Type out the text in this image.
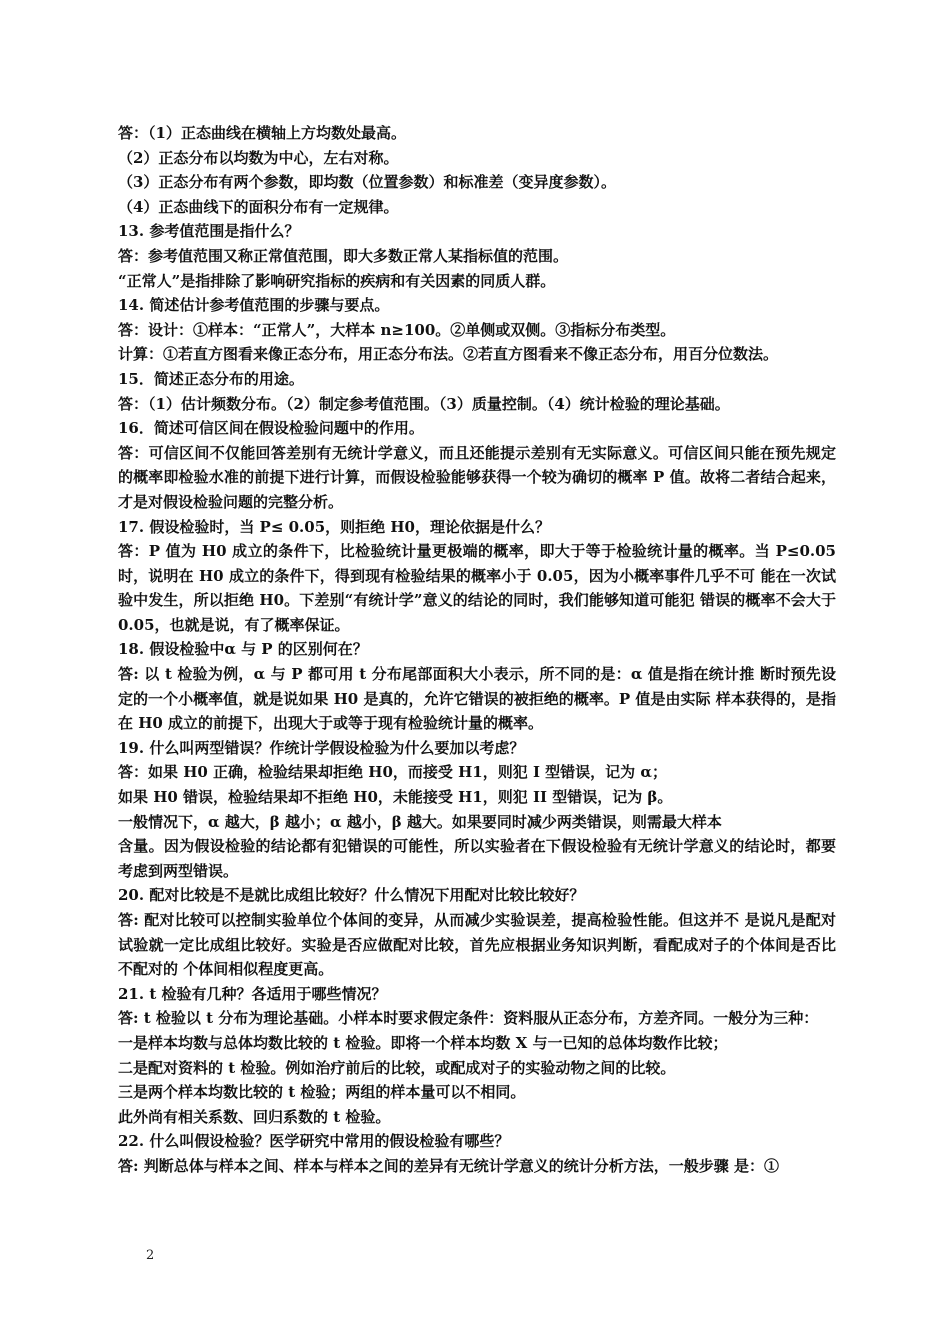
答：（1）正态曲线在横轴上方均数处最高。

（2）正态分布以均数为中心，左右对称。

（3）正态分布有两个参数，即均数（位置参数）和标准差（变异度参数）。

（4）正态曲线下的面积分布有一定规律。

13. 参考值范围是指什么？

答：参考值范围又称正常值范围，即大多数正常人某指标值的范围。

“正常人”是指排除了影响研究指标的疾病和有关因素的同质人群。

14. 简述估计参考值范围的步骤与要点。

答：设计：①样本：“正常人”，大样本 n≥100。②单侧或双侧。③指标分布类型。

计算：①若直方图看来像正态分布，用正态分布法。②若直方图看来不像正态分布，用百分位数法。

15．简述正态分布的用途。

答：（1）估计频数分布。（2）制定参考值范围。（3）质量控制。（4）统计检验的理论基础。

16．简述可信区间在假设检验问题中的作用。

答：可信区间不仅能回答差别有无统计学意义，而且还能提示差别有无实际意义。可信区间只能在预先规定的概率即检验水准的前提下进行计算，而假设检验能够获得一个较为确切的概率 P 值。故将二者结合起来，才是对假设检验问题的完整分析。

17. 假设检验时，当 P≤ 0.05，则拒绝 H0，理论依据是什么？

答：P 值为 H0 成立的条件下，比检验统计量更极端的概率，即大于等于检验统计量的概率。当 P≤0.05 时，说明在 H0 成立的条件下，得到现有检验结果的概率小于 0.05，因为小概率事件几乎不可 能在一次试验中发生，所以拒绝 H0。下差别“有统计学”意义的结论的同时，我们能够知道可能犯 错误的概率不会大于 0.05，也就是说，有了概率保证。

18. 假设检验中α 与 P 的区别何在？

答: 以 t 检验为例，α 与 P 都可用 t 分布尾部面积大小表示，所不同的是：α 值是指在统计推 断时预先设定的一个小概率值，就是说如果 H0 是真的，允许它错误的被拒绝的概率。P 值是由实际 样本获得的，是指在 H0 成立的前提下，出现大于或等于现有检验统计量的概率。

19. 什么叫两型错误？作统计学假设检验为什么要加以考虑？

答：如果 H0 正确，检验结果却拒绝 H0，而接受 H1，则犯 I 型错误，记为 α；

如果 H0 错误，检验结果却不拒绝 H0，未能接受 H1，则犯 II 型错误，记为 β。

一般情况下，α 越大，β 越小；α 越小，β 越大。如果要同时减少两类错误，则需最大样本

含量。因为假设检验的结论都有犯错误的可能性，所以实验者在下假设检验有无统计学意义的结论时，都要考虑到两型错误。

20. 配对比较是不是就比成组比较好？什么情况下用配对比较比较好？

答: 配对比较可以控制实验单位个体间的变异，从而减少实验误差，提高检验性能。但这并不 是说凡是配对试验就一定比成组比较好。实验是否应做配对比较，首先应根据业务知识判断，看配成对子的个体间是否比不配对的 个体间相似程度更高。

21. t 检验有几种？各适用于哪些情况？

答: t 检验以 t 分布为理论基础。小样本时要求假定条件：资料服从正态分布，方差齐同。一般分为三种：

一是样本均数与总体均数比较的 t 检验。即将一个样本均数 X 与一已知的总体均数作比较；

二是配对资料的 t 检验。例如治疗前后的比较，或配成对子的实验动物之间的比较。

三是两个样本均数比较的 t 检验；两组的样本量可以不相同。

此外尚有相关系数、回归系数的 t 检验。

22. 什么叫假设检验？医学研究中常用的假设检验有哪些？

答: 判断总体与样本之间、样本与样本之间的差异有无统计学意义的统计分析方法，一般步骤 是：①

2
